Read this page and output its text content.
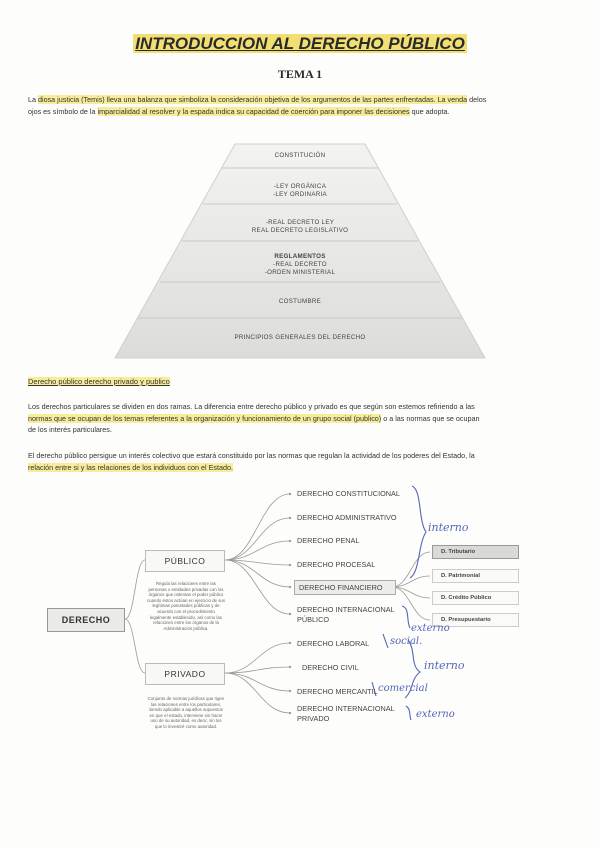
INTRODUCCION AL DERECHO PÚBLICO
TEMA 1
La diosa justicia (Temis) lleva una balanza que simboliza la consideración objetiva de los argumentos de las partes enfrentadas. La venda delos
ojos es símbolo de la imparcialidad al resolver y la espada indica su capacidad de coerción para imponer las decisiones que adopta.
CONSTITUCIÓN
-LEY ORGÁNICA
-LEY ORDINARIA
-REAL DECRETO LEY
REAL DECRETO LEGISLATIVO
REGLAMENTOS
-REAL DECRETO
-ORDEN MINISTERIAL
COSTUMBRE
PRINCIPIOS GENERALES DEL DERECHO
Derecho público derecho privado y publico
Los derechos particulares se dividen en dos ramas. La diferencia entre derecho público y privado es que según son estemos refiriendo a las
normas que se ocupan de los temas referentes a la organización y funcionamiento de un grupo social (publico) o a las normas que se ocupan
de los interés particulares.
El derecho público persigue un interés colectivo que estará constituido por las normas que regulan la actividad de los poderes del Estado, la
relación entre si y las relaciones de los individuos con el Estado.
DERECHO
PÚBLICO
Regula las relaciones entre las
personas o entidades privadas con los
órganos que ostentan el poder público
cuando éstos actúan en ejercicio de sus
legítimas potestades públicas y de
acuerdo con el procedimiento
legalmente establecido, así como las
relaciones entre los órganos de la
Administración pública.
PRIVADO
Conjunto de normas jurídicas que rigen
las relaciones entre los particulares,
siendo aplicable a aquellos supuestos
en que el estado, interviene sin hacer
uso de su autoridad, es decir, sin los
que lo investiré como autoridad.
DERECHO CONSTITUCIONAL
DERECHO ADMINISTRATIVO
DERECHO PENAL
DERECHO PROCESAL
DERECHO FINANCIERO
DERECHO INTERNACIONAL
PÚBLICO
DERECHO LABORAL
DERECHO CIVIL
DERECHO MERCANTIL
DERECHO INTERNACIONAL
PRIVADO
D. Tributario
D. Patrimonial
D. Crédito Público
D. Presupuestario
interno
externo
social.
interno
comercial
externo
